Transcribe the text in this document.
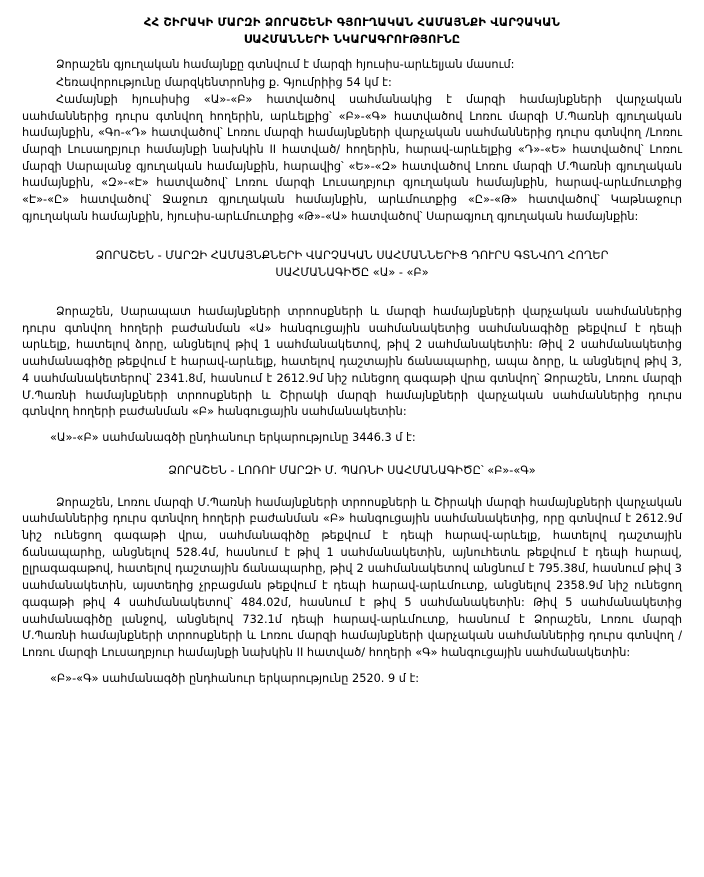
ՀՀ ՇԻՐԱԿԻ ՄԱՐԶԻ ՁՈՐԱՇԵՆԻ ԳՅՈՒՂԱԿԱՆ ՀԱՄԱՅՆՔԻ ՎԱՐՉԱԿԱՆ
ՍԱՀՄԱՆՆԵՐԻ ՆԿԱՐԱԳՐՈՒԹՅՈՒՆԸ

Ձորաշեն գյուղական համայնքը գտնվում է մարզի հյուսիս-արևելյան մասում:

Հեռավորությունը մարզկենտրոնից ք. Գյումրիից 54 կմ է:

Համայնքի հյուսիսից «Ա»-«Բ» հատվածով սահմանակից է մարզի համայնքների վարչական սահմաններից դուրս գտնվող հողերին, արևելքից՝ «Բ»-«Գ» հատվածով Լոռու մարզի Մ.Պառնի գյուղական համայնքին, «Գո-«Դ» հատվածով՝ Լոռու մարզի համայնքների վարչական սահմաններից դուրս գտնվող /Լոռու մարզի Լուսաղբյուր համայնքի նախկին II հատված/ հողերին, հարավ-արևելքից «Դ»-«Ե» հատվածով՝ Լոռու մարզի Սարալանջ գյուղական համայնքին, հարավից՝ «Ե»-«Զ» հատվածով Լոռու մարզի Մ.Պառնի գյուղական համայնքին, «Զ»-«Է» հատվածով՝ Լոռու մարզի Լուսաղբյուր գյուղական համայնքին, հարավ-արևմուտքից «Է»-«Ը» հատվածով՝ Ջաջուռ գյուղական համայնքին, արևմուտքից «Ը»-«Թ» հատվածով՝ Կաթնաջուր գյուղական համայնքին, հյուսիս-արևմուտքից «Թ»-«Ա» հատվածով՝ Սարագյուղ գյուղական համայնքին:

ՁՈՐԱՇԵՆ - ՄԱՐԶԻ ՀԱՄԱՅՆՔՆԵՐԻ ՎԱՐՉԱԿԱՆ ՍԱՀՄԱՆՆԵՐԻՑ ԴՈՒՐՍ ԳՏՆՎՈՂ ՀՈՂԵՐ
ՍԱՀՄԱՆԱԳԻԾԸ «Ա» - «Բ»

Ձորաշեն, Սարապատ համայնքների տրոոսքների և մարզի համայնքների վարչական սահմաններից դուրս գտնվող հողերի բաժանման «Ա» հանգուցային սահմանակետից սահմանագիծը թեքվում է դեպի արևելք, հատելով ձորը, անցնելով թիվ 1 սահմանակետով, թիվ 2 սահմանակետին: Թիվ 2 սահմանակետից սահմանագիծը թեքվում է հարավ-արևելք, հատելով դաշտային ճանապարհը, ապա ձորը, և անցնելով թիվ 3, 4 սահմանակետերով՝ 2341.8մ, հասնում է 2612.9մ նիշ ունեցող գագաթի վրա գտնվող՝ Ձորաշեն, Լոռու մարզի Մ.Պառնի համայնքների տրոոսքների և Շիրակի մարզի համայնքների վարչական սահմաններից դուրս գտնվող հողերի բաժանման «Բ» հանգուցային սահմանակետին:

«Ա»-«Բ» սահմանագծի ընդհանուր երկարությունը 3446.3 մ է:

ՁՈՐԱՇԵՆ - ԼՈՌՈՒ ՄԱՐԶԻ Մ. ՊԱՌՆԻ ՍԱՀՄԱՆԱԳԻԾԸ՝ «Բ»-«Գ»

Ձորաշեն, Լոռու մարզի Մ.Պառնի համայնքների տրոոսքների և Շիրակի մարզի համայնքների վարչական սահմաններից դուրս գտնվող հողերի բաժանման «Բ» հանգուցային սահմանակետից, որը գտնվում է 2612.9մ նիշ ունեցող գագաթի վրա, սահմանագիծը թեքվում է դեպի հարավ-արևելք, հատելով դաշտային ճանապարհը, անցնելով 528.4մ, հասնում է թիվ 1 սահմանակետին, այնուհետև թեքվում է դեպի հարավ, ըլրագագաթով, հատելով դաշտային ճանապարհը, թիվ 2 սահմանակետով անցնում է 795.38մ, հասնում թիվ 3 սահմանակետին, այստեղից չրբացման թեքվում է դեպի հարավ-արևմուտք, անցնելով 2358.9մ նիշ ունեցող գագաթի թիվ 4 սահմանակետով՝ 484.02մ, հասնում է թիվ 5 սահմանակետին: Թիվ 5 սահմանակետից սահմանագիծը լանջով, անցնելով 732.1մ դեպի հարավ-արևմուտք, հասնում է Ձորաշեն, Լոռու մարզի Մ.Պառնի համայնքների տրոոսքների և Լոռու մարզի համայնքների վարչական սահմաններից դուրս գտնվող /Լոռու մարզի Լուսաղբյուր համայնքի նախկին II հատված/ հողերի «Գ» հանգուցային սահմանակետին:

«Բ»-«Գ» սահմանագծի ընդհանուր երկարությունը 2520. 9 մ է:
